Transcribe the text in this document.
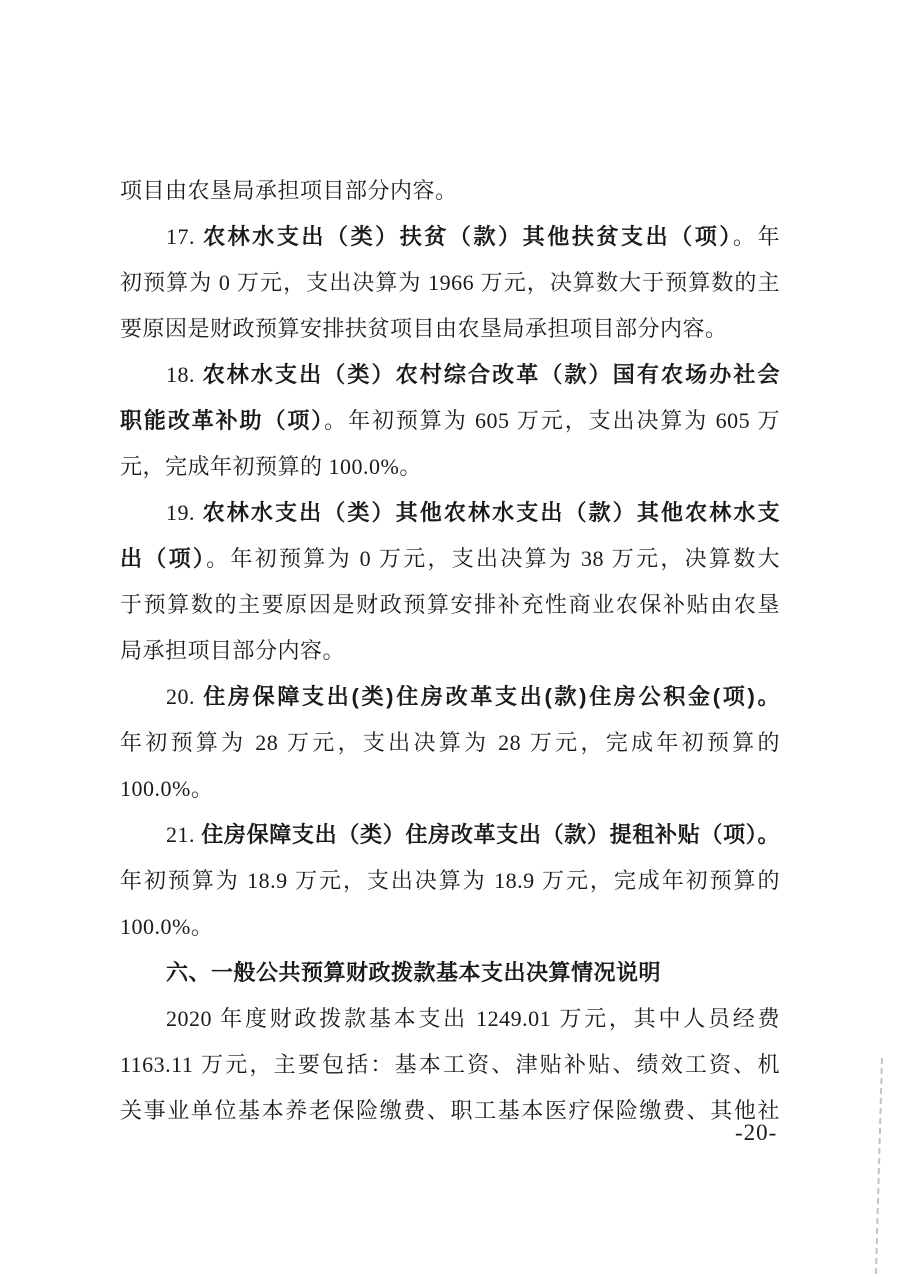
项目由农垦局承担项目部分内容。
17. 农林水支出（类）扶贫（款）其他扶贫支出（项）。年
初预算为 0 万元，支出决算为 1966 万元，决算数大于预算数的主
要原因是财政预算安排扶贫项目由农垦局承担项目部分内容。
18. 农林水支出（类）农村综合改革（款）国有农场办社会
职能改革补助（项）。年初预算为 605 万元，支出决算为 605 万
元，完成年初预算的 100.0%。
19. 农林水支出（类）其他农林水支出（款）其他农林水支
出（项）。年初预算为 0 万元，支出决算为 38 万元，决算数大
于预算数的主要原因是财政预算安排补充性商业农保补贴由农垦
局承担项目部分内容。
20. 住房保障支出(类)住房改革支出(款)住房公积金(项)。
年初预算为 28 万元，支出决算为 28 万元，完成年初预算的
100.0%。
21. 住房保障支出（类）住房改革支出（款）提租补贴（项）。
年初预算为 18.9 万元，支出决算为 18.9 万元，完成年初预算的
100.0%。
六、一般公共预算财政拨款基本支出决算情况说明
2020 年度财政拨款基本支出 1249.01 万元，其中人员经费
1163.11 万元，主要包括：基本工资、津贴补贴、绩效工资、机
关事业单位基本养老保险缴费、职工基本医疗保险缴费、其他社
-20-
